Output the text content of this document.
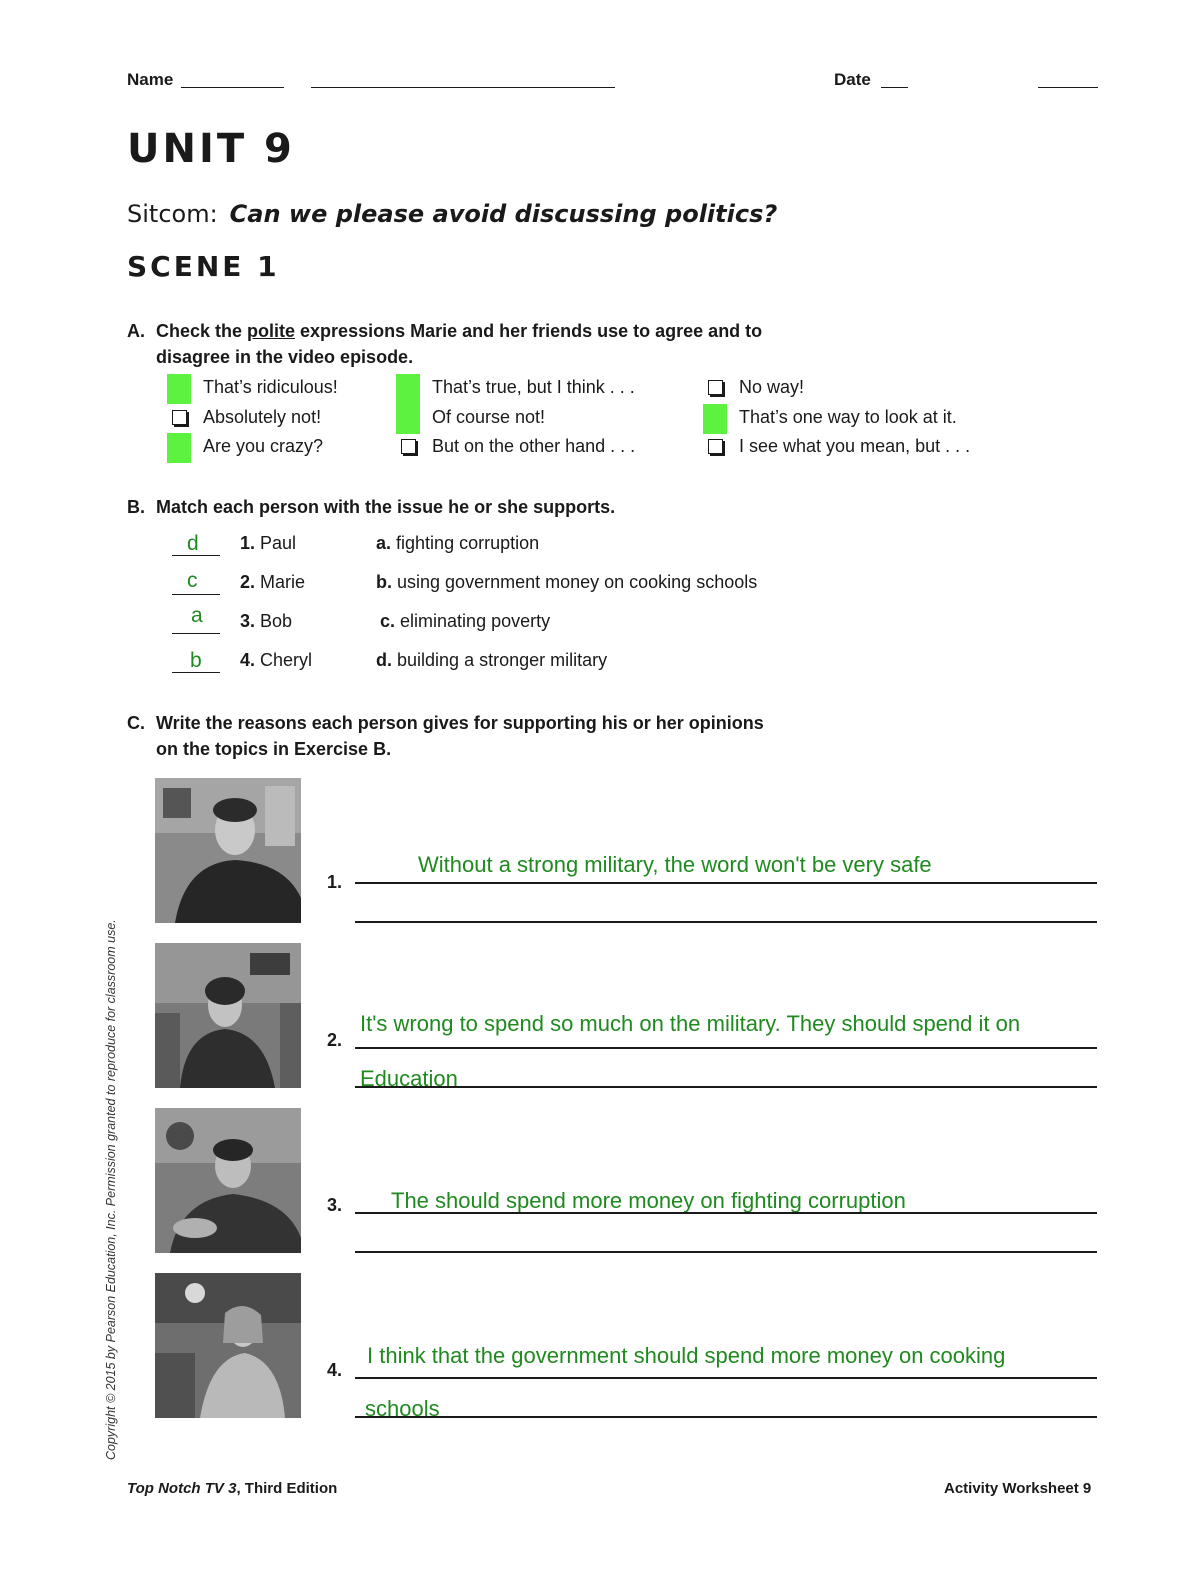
Name	Date
UNIT 9
Sitcom: Can we please avoid discussing politics?
SCENE 1
A. Check the polite expressions Marie and her friends use to agree and to
disagree in the video episode.
That’s ridiculous!
Absolutely not!
Are you crazy?
That’s true, but I think . . .
Of course not!
But on the other hand . . .
No way!
That’s one way to look at it.
I see what you mean, but . . .
B. Match each person with the issue he or she supports.
d 1. Paul	a. fighting corruption
c 2. Marie	b. using government money on cooking schools
a 3. Bob	c. eliminating poverty
b 4. Cheryl	d. building a stronger military
C. Write the reasons each person gives for supporting his or her opinions
on the topics in Exercise B.
1.
Without a strong military, the word won't be very safe
2.
It's wrong to spend so much on the military. They should spend it on
Education
3. The should spend more money on fighting corruption
4.
I think that the government should spend more money on cooking
schools
Copyright © 2015 by Pearson Education, Inc. Permission granted to reproduce for classroom use.
Top Notch TV 3, Third Edition	Activity Worksheet 9
